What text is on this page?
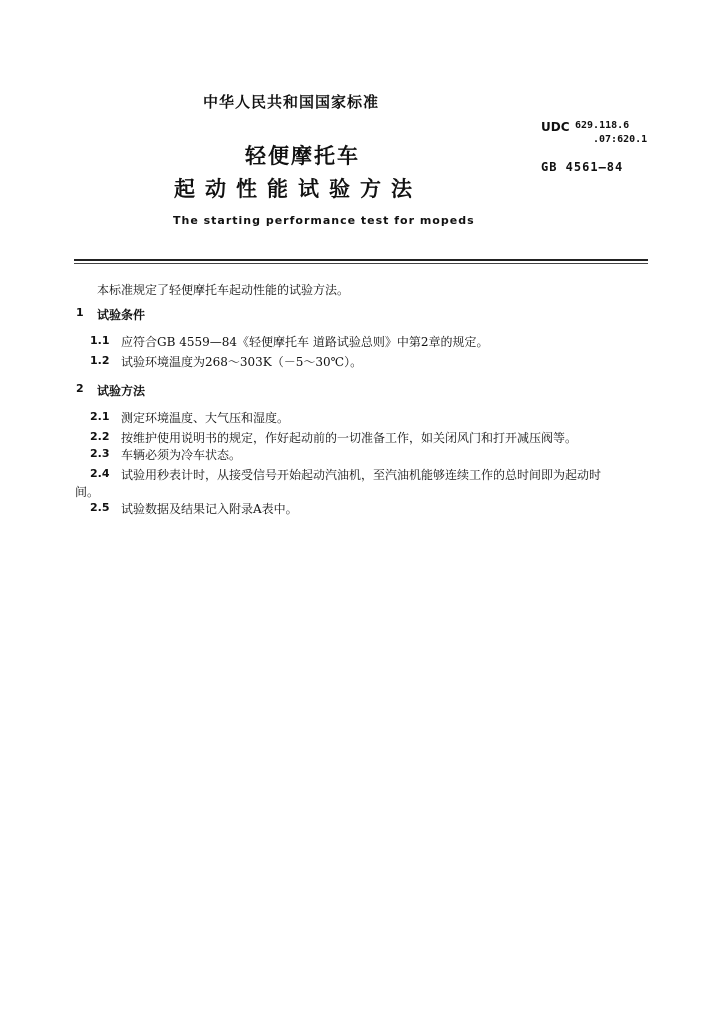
中华人民共和国国家标准
UDC 629.118.6
.07:620.1
GB 4561—84
轻便摩托车
起动性能试验方法
The starting performance test for mopeds
本标准规定了轻便摩托车起动性能的试验方法。
1 试验条件
1.1 应符合GB 4559—84《轻便摩托车 道路试验总则》中第2章的规定。
1.2 试验环境温度为268～303K（－5～30℃）。
2 试验方法
2.1 测定环境温度、大气压和湿度。
2.2 按维护使用说明书的规定，作好起动前的一切准备工作，如关闭风门和打开减压阀等。
2.3 车辆必须为冷车状态。
2.4 试验用秒表计时，从接受信号开始起动汽油机，至汽油机能够连续工作的总时间即为起动时
间。
2.5 试验数据及结果记入附录A表中。
